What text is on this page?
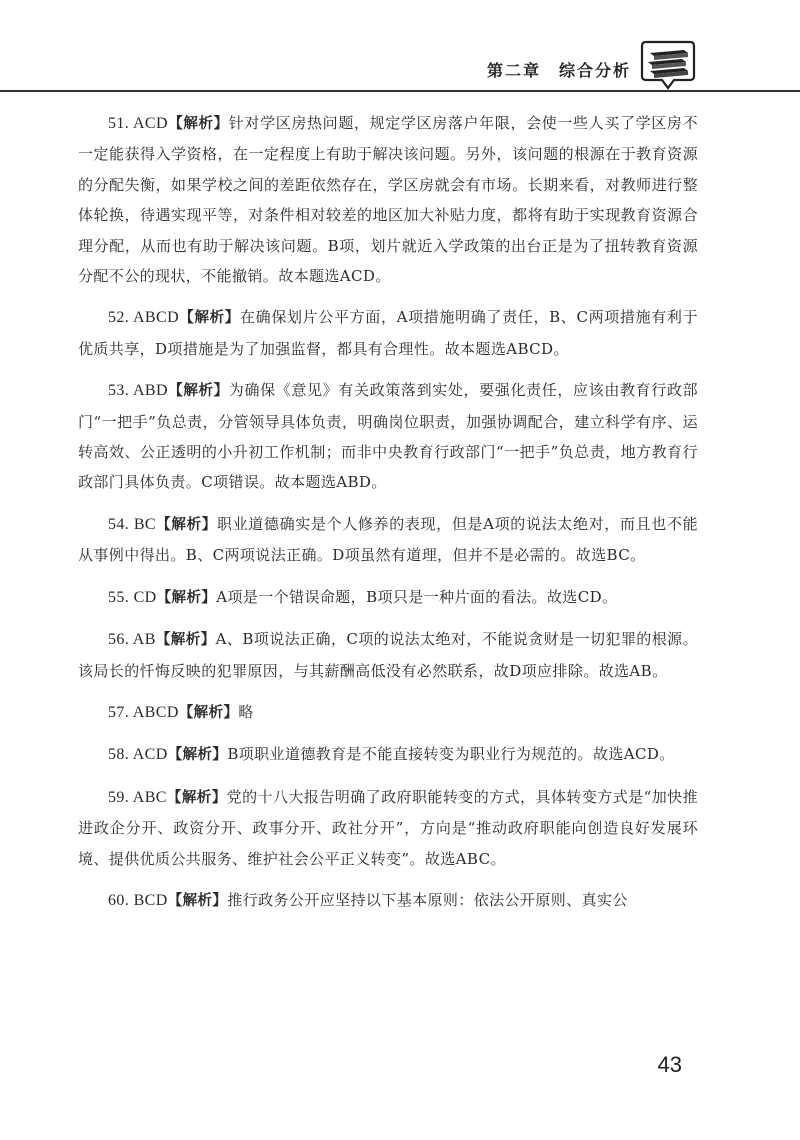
第二章　综合分析

51. ACD【解析】针对学区房热问题，规定学区房落户年限，会使一些人买了学区房不一定能获得入学资格，在一定程度上有助于解决该问题。另外，该问题的根源在于教育资源的分配失衡，如果学校之间的差距依然存在，学区房就会有市场。长期来看，对教师进行整体轮换，待遇实现平等，对条件相对较差的地区加大补贴力度，都将有助于实现教育资源合理分配，从而也有助于解决该问题。B项，划片就近入学政策的出台正是为了扭转教育资源分配不公的现状，不能撤销。故本题选ACD。

52. ABCD【解析】在确保划片公平方面，A项措施明确了责任，B、C两项措施有利于优质共享，D项措施是为了加强监督，都具有合理性。故本题选ABCD。

53. ABD【解析】为确保《意见》有关政策落到实处，要强化责任，应该由教育行政部门“一把手”负总责，分管领导具体负责，明确岗位职责，加强协调配合，建立科学有序、运转高效、公正透明的小升初工作机制；而非中央教育行政部门“一把手”负总责，地方教育行政部门具体负责。C项错误。故本题选ABD。

54. BC【解析】职业道德确实是个人修养的表现，但是A项的说法太绝对，而且也不能从事例中得出。B、C两项说法正确。D项虽然有道理，但并不是必需的。故选BC。

55. CD【解析】A项是一个错误命题，B项只是一种片面的看法。故选CD。

56. AB【解析】A、B项说法正确，C项的说法太绝对，不能说贪财是一切犯罪的根源。该局长的忏悔反映的犯罪原因，与其薪酬高低没有必然联系，故D项应排除。故选AB。

57. ABCD【解析】略

58. ACD【解析】B项职业道德教育是不能直接转变为职业行为规范的。故选ACD。

59. ABC【解析】党的十八大报告明确了政府职能转变的方式，具体转变方式是“加快推进政企分开、政资分开、政事分开、政社分开”，方向是“推动政府职能向创造良好发展环境、提供优质公共服务、维护社会公平正义转变”。故选ABC。

60. BCD【解析】推行政务公开应坚持以下基本原则：依法公开原则、真实公

43
